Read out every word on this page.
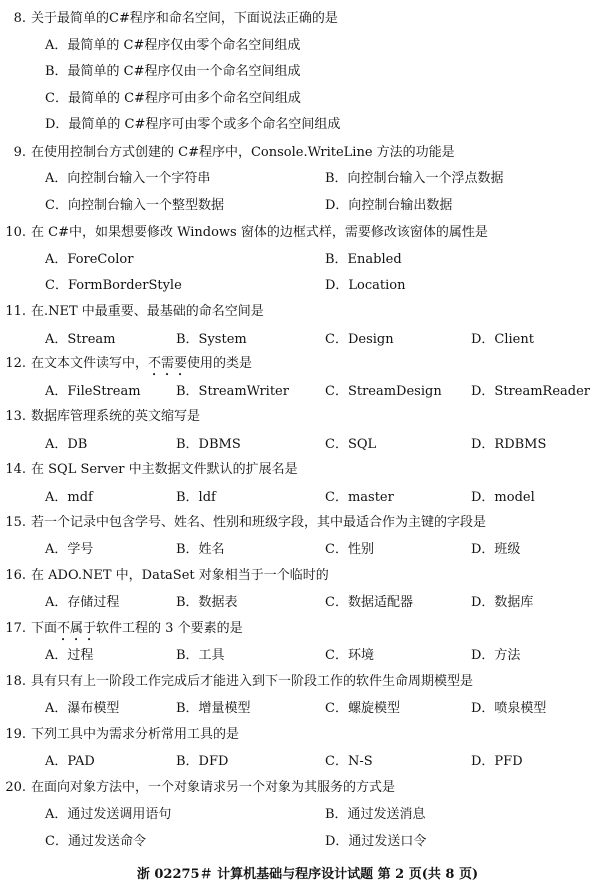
8. 关于最简单的C#程序和命名空间，下面说法正确的是
A．最简单的 C#程序仅由零个命名空间组成
B．最简单的 C#程序仅由一个命名空间组成
C．最简单的 C#程序可由多个命名空间组成
D．最简单的 C#程序可由零个或多个命名空间组成
9. 在使用控制台方式创建的 C#程序中，Console.WriteLine 方法的功能是
A．向控制台输入一个字符串	B．向控制台输入一个浮点数据
C．向控制台输入一个整型数据	D．向控制台输出数据
10. 在 C#中，如果想要修改 Windows 窗体的边框式样，需要修改该窗体的属性是
A．ForeColor	B．Enabled
C．FormBorderStyle	D．Location
11. 在.NET 中最重要、最基础的命名空间是
A．Stream	B．System	C．Design	D．Client
12. 在文本文件读写中，不需要使用的类是
A．FileStream	B．StreamWriter	C．StreamDesign D．StreamReader
13. 数据库管理系统的英文缩写是
A．DB	B．DBMS	C．SQL	D．RDBMS
14. 在 SQL Server 中主数据文件默认的扩展名是
A．mdf	B．ldf	C．master	D．model
15. 若一个记录中包含学号、姓名、性别和班级字段，其中最适合作为主键的字段是
A．学号	B．姓名	C．性别	D．班级
16. 在 ADO.NET 中，DataSet 对象相当于一个临时的
A．存储过程	B．数据表	C．数据适配器	D．数据库
17. 下面不属于软件工程的 3 个要素的是
A．过程	B．工具	C．环境	D．方法
18. 具有只有上一阶段工作完成后才能进入到下一阶段工作的软件生命周期模型是
A．瀑布模型	B．增量模型	C．螺旋模型	D．喷泉模型
19. 下列工具中为需求分析常用工具的是
A．PAD	B．DFD	C．N-S	D．PFD
20. 在面向对象方法中，一个对象请求另一个对象为其服务的方式是
A．通过发送调用语句	B．通过发送消息
C．通过发送命令	D．通过发送口令
浙 02275＃ 计算机基础与程序设计试题 第 2 页(共 8 页)
